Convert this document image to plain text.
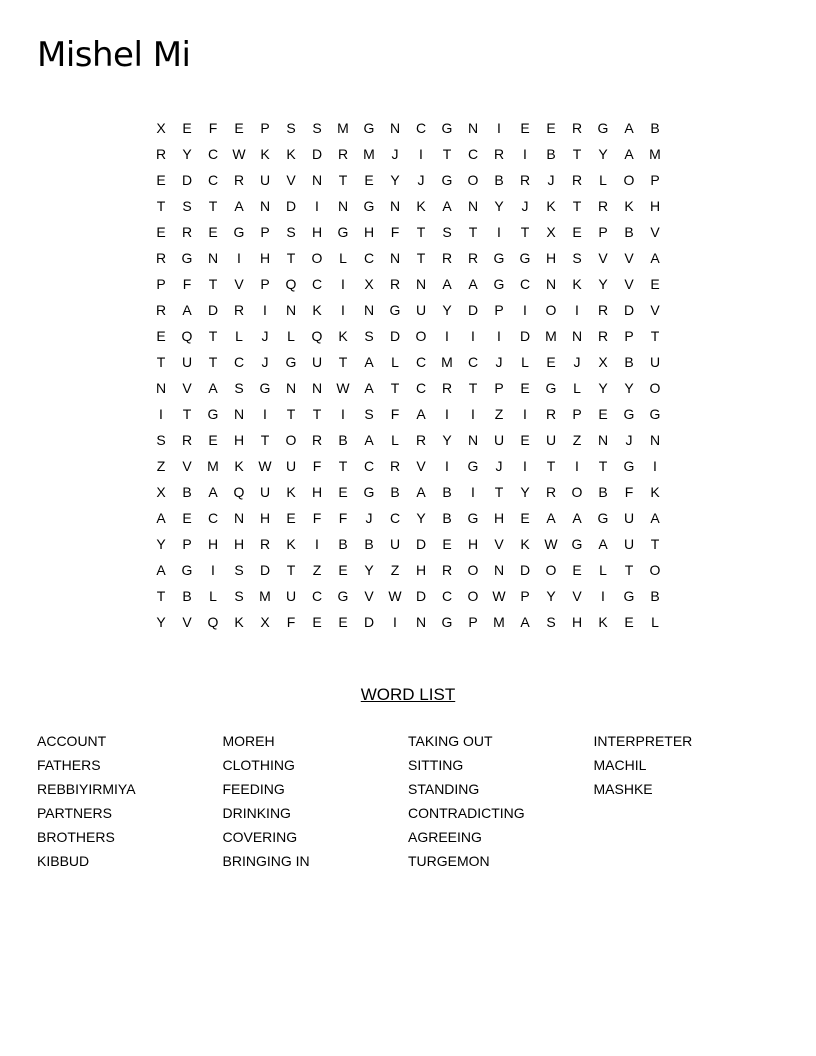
Mishel Mi
X	E	F	E	P	S	S	M	G	N	C	G	N	I	E	E	R	G	A	B
R	Y	C	W	K	K	D	R	M	J	I	T	C	R	I	B	T	Y	A	M
E	D	C	R	U	V	N	T	E	Y	J	G	O	B	R	J	R	L	O	P
T	S	T	A	N	D	I	N	G	N	K	A	N	Y	J	K	T	R	K	H
E	R	E	G	P	S	H	G	H	F	T	S	T	I	T	X	E	P	B	V
R	G	N	I	H	T	O	L	C	N	T	R	R	G	G	H	S	V	V	A
P	F	T	V	P	Q	C	I	X	R	N	A	A	G	C	N	K	Y	V	E
R	A	D	R	I	N	K	I	N	G	U	Y	D	P	I	O	I	R	D	V
E	Q	T	L	J	L	Q	K	S	D	O	I	I	I	D	M	N	R	P	T
T	U	T	C	J	G	U	T	A	L	C	M	C	J	L	E	J	X	B	U
N	V	A	S	G	N	N	W	A	T	C	R	T	P	E	G	L	Y	Y	O
I	T	G	N	I	T	T	I	S	F	A	I	I	Z	I	R	P	E	G	G
S	R	E	H	T	O	R	B	A	L	R	Y	N	U	E	U	Z	N	J	N
Z	V	M	K	W	U	F	T	C	R	V	I	G	J	I	T	I	T	G	I
X	B	A	Q	U	K	H	E	G	B	A	B	I	T	Y	R	O	B	F	K
A	E	C	N	H	E	F	F	J	C	Y	B	G	H	E	A	A	G	U	A
Y	P	H	H	R	K	I	B	B	U	D	E	H	V	K	W G	A	U	T
A	G	I	S	D	T	Z	E	Y	Z	H	R	O	N	D	O	E	L	T	O
T	B	L	S	M	U	C	G	V	W	D	C	O W	P	Y	V	I	G	B
Y	V	Q	K	X	F	E	E	D	I	N	G	P	M	A	S	H	K	E	L
WORD LIST
ACCOUNT
FATHERS
REBBIYIRMIYA
PARTNERS
BROTHERS
KIBBUD
MOREH
CLOTHING
FEEDING
DRINKING
COVERING
BRINGING IN
TAKING OUT
SITTING
STANDING
CONTRADICTING
AGREEING
TURGEMON
INTERPRETER
MACHIL
MASHKE
